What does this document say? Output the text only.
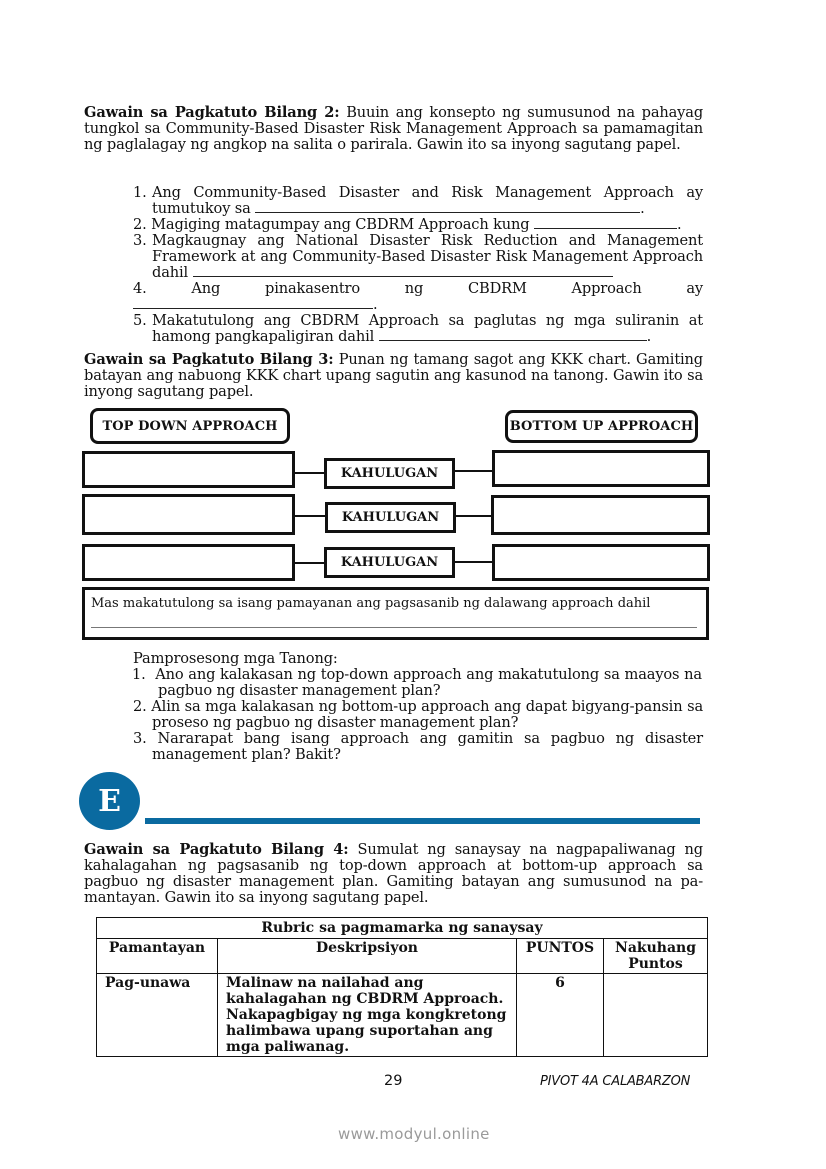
Gawain sa Pagkatuto Bilang 2: Buuin ang konsepto ng sumusunod na pahayag tungkol sa Community-Based Disaster Risk Management Approach sa pamamagitan ng paglalagay ng angkop na salita o parirala. Gawin ito sa inyong sagutang papel.
1. Ang Community-Based Disaster and Risk Management Approach ay tumutukoy sa	.
2. Magiging matagumpay ang CBDRM Approach kung	.
3. Magkaugnay ang National Disaster Risk Reduction and Management Framework at ang Community-Based Disaster Risk Management Approach dahil
4.	Ang pinakasentro ng CBDRM Approach ay .
5. Makatutulong ang CBDRM Approach sa paglutas ng mga suliranin at hamong pangkapaligiran dahil	.
Gawain sa Pagkatuto Bilang 3: Punan ng tamang sagot ang KKK chart. Gamiting batayan ang nabuong KKK chart upang sagutin ang kasunod na tanong. Gawin ito sa inyong sagutang papel.
TOP DOWN APPROACH	BOTTOM UP APPROACH
KAHULUGAN
KAHULUGAN
KAHULUGAN
Mas makatutulong sa isang pamayanan ang pagsasanib ng dalawang approach dahil
Pamprosesong mga Tanong:
1. Ano ang kalakasan ng top-down approach ang makatutulong sa maayos na pagbuo ng disaster management plan?
2. Alin sa mga kalakasan ng bottom-up approach ang dapat bigyang-pansin sa proseso ng pagbuo ng disaster management plan?
3. Nararapat bang isang approach ang gamitin sa pagbuo ng disaster management plan? Bakit?
E
Gawain sa Pagkatuto Bilang 4: Sumulat ng sanaysay na nagpapaliwanag ng kahalagahan ng pagsasanib ng top-down approach at bottom-up approach sa pagbuo ng disaster management plan. Gamiting batayan ang sumusunod na pa-mantayan. Gawin ito sa inyong sagutang papel.
Rubric sa pagmamarka ng sanaysay			
Pamantayan	Deskripsiyon	PUNTOS	Nakuhang Puntos
Pag-unawa	Malinaw na nailahad ang kahalagahan ng CBDRM Approach. Nakapagbigay ng mga kongkretong halimbawa upang suportahan ang mga paliwanag.	6	
29	PIVOT 4A CALABARZON
www.modyul.online
